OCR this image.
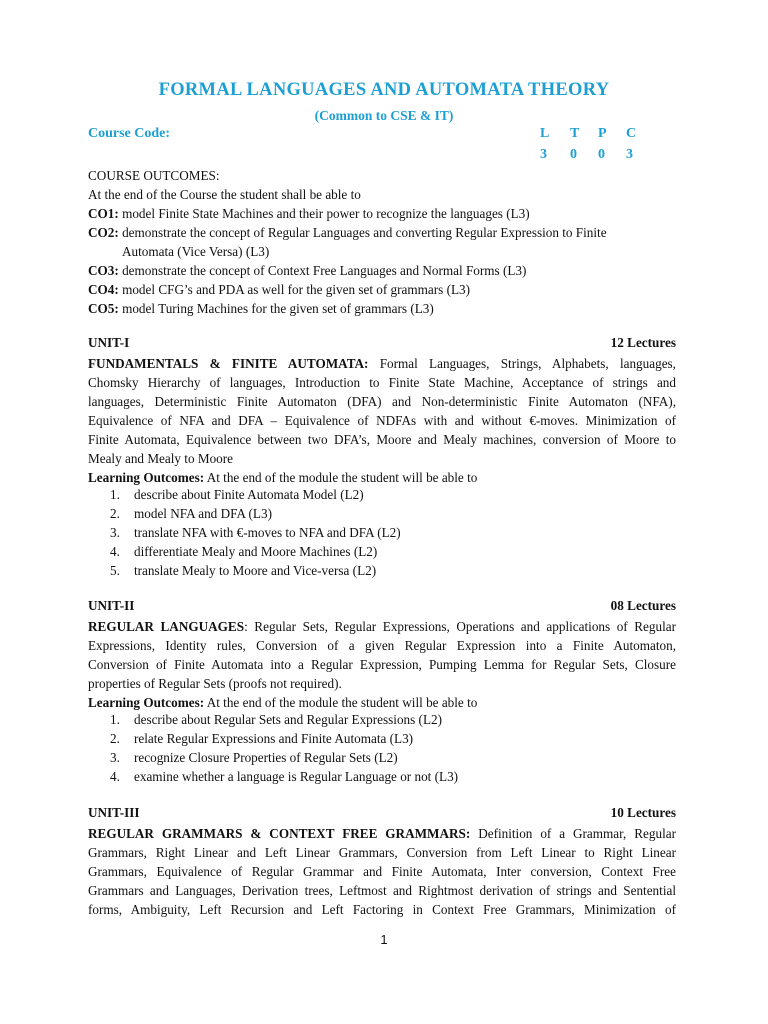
FORMAL LANGUAGES AND AUTOMATA THEORY
(Common to CSE & IT)
Course Code:	L T P C
3 0 0 3
COURSE OUTCOMES:
At the end of the Course the student shall be able to
CO1: model Finite State Machines and their power to recognize the languages (L3)
CO2: demonstrate the concept of Regular Languages and converting Regular Expression to Finite
Automata (Vice Versa) (L3)
CO3: demonstrate the concept of Context Free Languages and Normal Forms (L3)
CO4: model CFG’s and PDA as well for the given set of grammars (L3)
CO5: model Turing Machines for the given set of grammars (L3)
UNIT-I	12 Lectures
FUNDAMENTALS & FINITE AUTOMATA: Formal Languages, Strings, Alphabets, languages,
Chomsky Hierarchy of languages, Introduction to Finite State Machine, Acceptance of strings and
languages, Deterministic Finite Automaton (DFA) and Non-deterministic Finite Automaton (NFA),
Equivalence of NFA and DFA – Equivalence of NDFAs with and without €-moves. Minimization of
Finite Automata, Equivalence between two DFA’s, Moore and Mealy machines, conversion of Moore to
Mealy and Mealy to Moore
Learning Outcomes: At the end of the module the student will be able to
1. describe about Finite Automata Model (L2)
2. model NFA and DFA (L3)
3. translate NFA with €-moves to NFA and DFA (L2)
4. differentiate Mealy and Moore Machines (L2)
5. translate Mealy to Moore and Vice-versa (L2)
UNIT-II	08 Lectures
REGULAR LANGUAGES: Regular Sets, Regular Expressions, Operations and applications of Regular
Expressions, Identity rules, Conversion of a given Regular Expression into a Finite Automaton,
Conversion of Finite Automata into a Regular Expression, Pumping Lemma for Regular Sets, Closure
properties of Regular Sets (proofs not required).
Learning Outcomes: At the end of the module the student will be able to
1. describe about Regular Sets and Regular Expressions (L2)
2. relate Regular Expressions and Finite Automata (L3)
3. recognize Closure Properties of Regular Sets (L2)
4. examine whether a language is Regular Language or not (L3)
UNIT-III	10 Lectures
REGULAR GRAMMARS & CONTEXT FREE GRAMMARS: Definition of a Grammar, Regular
Grammars, Right Linear and Left Linear Grammars, Conversion from Left Linear to Right Linear
Grammars, Equivalence of Regular Grammar and Finite Automata, Inter conversion, Context Free
Grammars and Languages, Derivation trees, Leftmost and Rightmost derivation of strings and Sentential
forms, Ambiguity, Left Recursion and Left Factoring in Context Free Grammars, Minimization of
1
